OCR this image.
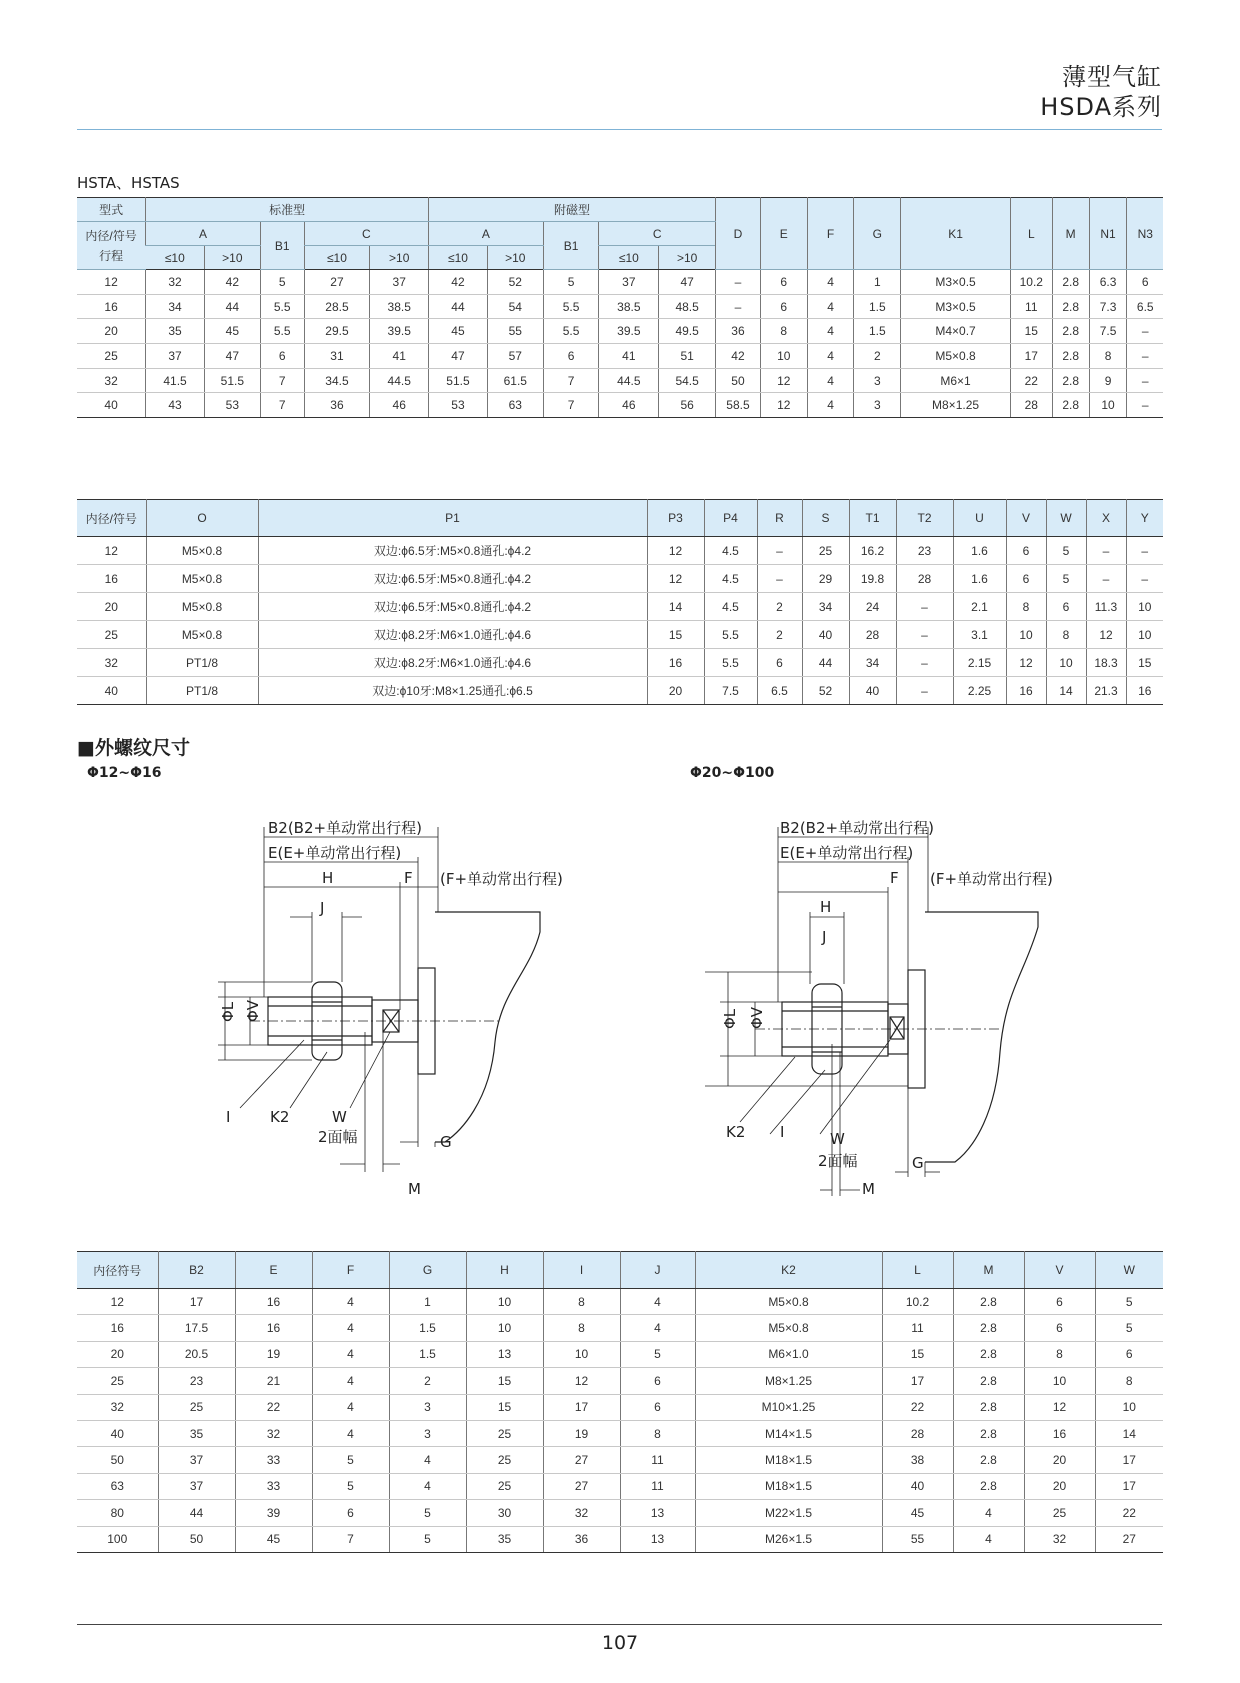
薄型气缸
HSDA系列
HSTA、HSTAS
型式	标准型					附磁型					D	E	F	G	K1	L	M	N1	N3
内径/符号
行程	A		B1	C		A		B1	C										
	≤10	>10		≤10	>10	≤10	>10		≤10	>10									
12	32	42	5	27	37	42	52	5	37	47	–	6	4	1	M3×0.5	10.2	2.8	6.3	6
16	34	44	5.5	28.5	38.5	44	54	5.5	38.5	48.5	–	6	4	1.5	M3×0.5	11	2.8	7.3	6.5
20	35	45	5.5	29.5	39.5	45	55	5.5	39.5	49.5	36	8	4	1.5	M4×0.7	15	2.8	7.5	–
25	37	47	6	31	41	47	57	6	41	51	42	10	4	2	M5×0.8	17	2.8	8	–
32	41.5	51.5	7	34.5	44.5	51.5	61.5	7	44.5	54.5	50	12	4	3	M6×1	22	2.8	9	–
40	43	53	7	36	46	53	63	7	46	56	58.5	12	4	3	M8×1.25	28	2.8	10	–
内径/符号	O	P1	P3	P4	R	S	T1	T2	U	V	W	X	Y
12	M5×0.8	双边:ϕ6.5牙:M5×0.8通孔:ϕ4.2	12	4.5	–	25	16.2	23	1.6	6	5	–	–
16	M5×0.8	双边:ϕ6.5牙:M5×0.8通孔:ϕ4.2	12	4.5	–	29	19.8	28	1.6	6	5	–	–
20	M5×0.8	双边:ϕ6.5牙:M5×0.8通孔:ϕ4.2	14	4.5	2	34	24	–	2.1	8	6	11.3	10
25	M5×0.8	双边:ϕ8.2牙:M6×1.0通孔:ϕ4.6	15	5.5	2	40	28	–	3.1	10	8	12	10
32	PT1/8	双边:ϕ8.2牙:M6×1.0通孔:ϕ4.6	16	5.5	6	44	34	–	2.15	12	10	18.3	15
40	PT1/8	双边:ϕ10牙:M8×1.25通孔:ϕ6.5	20	7.5	6.5	52	40	–	2.25	16	14	21.3	16
■外螺纹尺寸
Φ12~Φ16	Φ20~Φ100
B2(B2+单动常出行程)
E(E+单动常出行程)
H	F (F+单动常出行程)
J
ΦL ΦV
I	K2	W
2面幅	G
M
B2(B2+单动常出行程)
E(E+单动常出行程)
F (F+单动常出行程)
H
J
ΦL ΦV
K2 I	W
2面幅	G
M
内径符号	B2	E	F	G	H	I	J	K2	L	M	V	W
12	17	16	4	1	10	8	4	M5×0.8	10.2	2.8	6	5
16	17.5	16	4	1.5	10	8	4	M5×0.8	11	2.8	6	5
20	20.5	19	4	1.5	13	10	5	M6×1.0	15	2.8	8	6
25	23	21	4	2	15	12	6	M8×1.25	17	2.8	10	8
32	25	22	4	3	15	17	6	M10×1.25	22	2.8	12	10
40	35	32	4	3	25	19	8	M14×1.5	28	2.8	16	14
50	37	33	5	4	25	27	11	M18×1.5	38	2.8	20	17
63	37	33	5	4	25	27	11	M18×1.5	40	2.8	20	17
80	44	39	6	5	30	32	13	M22×1.5	45	4	25	22
100	50	45	7	5	35	36	13	M26×1.5	55	4	32	27
107
